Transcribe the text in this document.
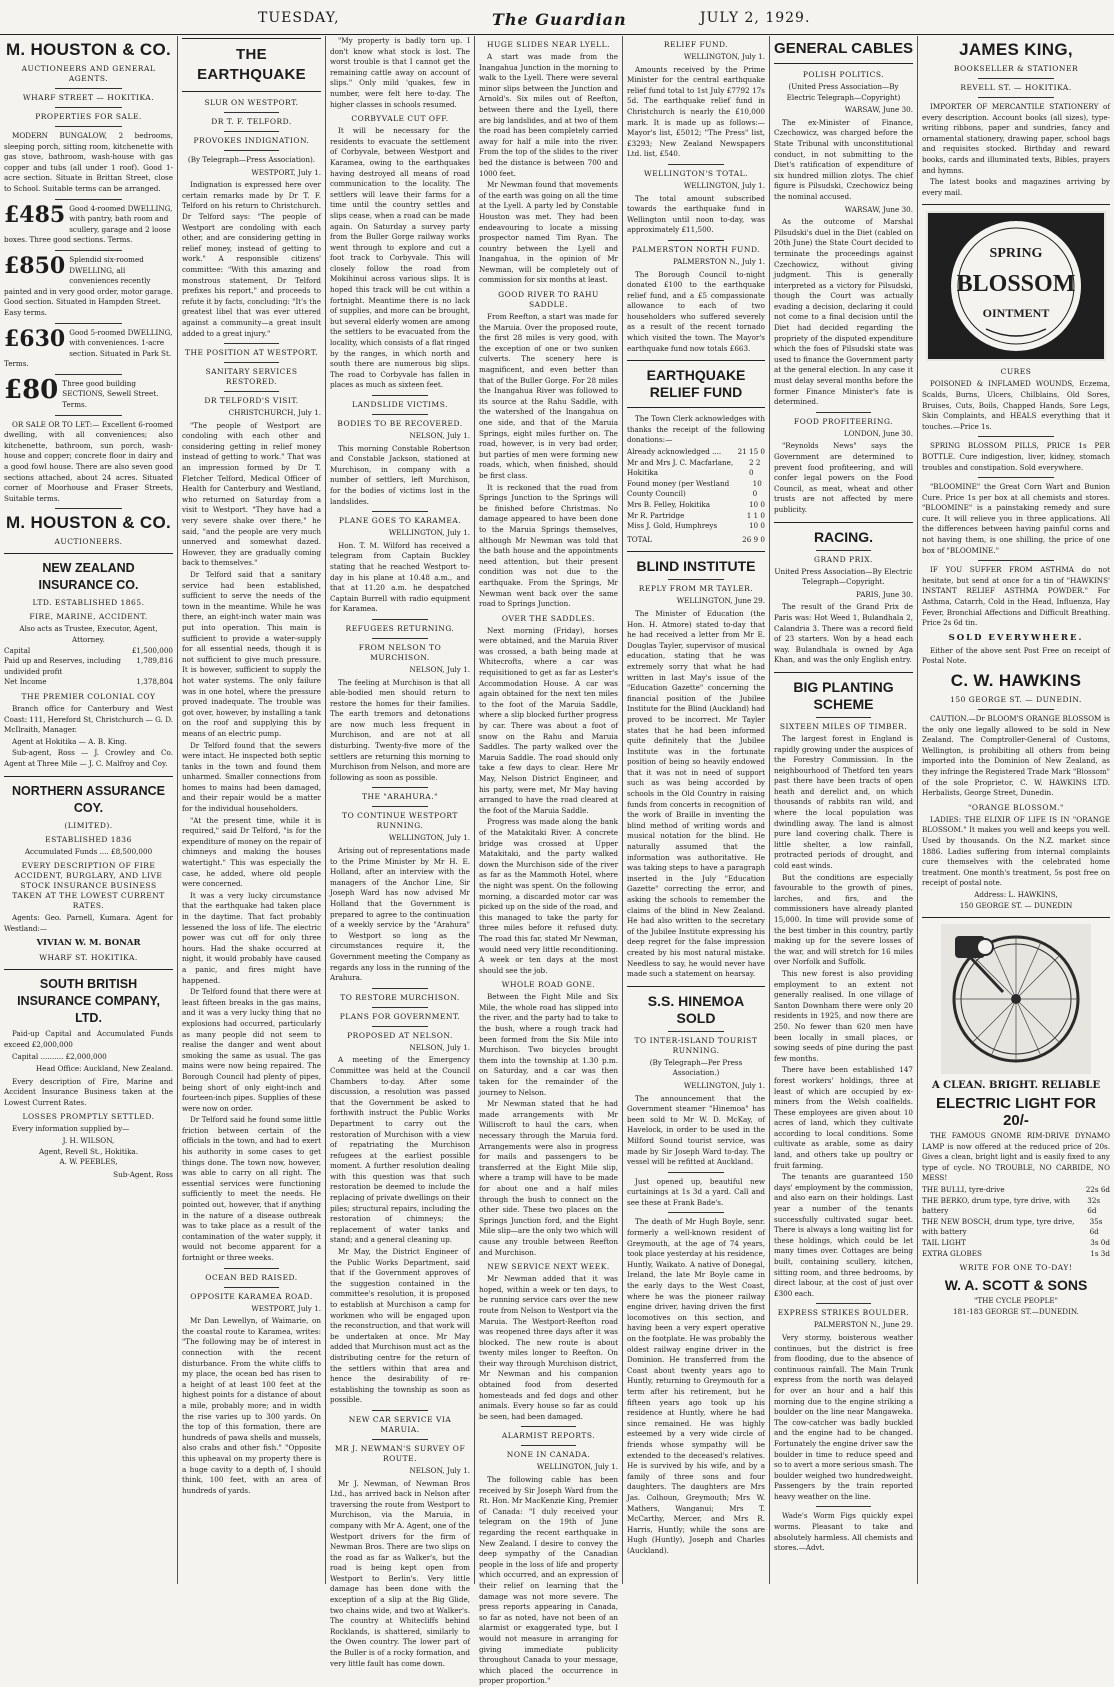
TUESDAY,	The Guardian	JULY 2, 1929.
M. HOUSTON & CO.
AUCTIONEERS AND GENERAL AGENTS.
WHARF STREET — HOKITIKA.
PROPERTIES FOR SALE.

MODERN BUNGALOW, 2 bedrooms, sleeping porch, sitting room, kitchenette with gas stove, bathroom, wash-house with gas copper and tubs (all under 1 roof). Good 1-acre section. Situate in Brittan Street, close to School. Suitable terms can be arranged.

£485 Good 4-roomed DWELLING, with pantry, bath room and scullery, garage and 2 loose boxes. Three good sections. Terms.
£850 Splendid six-roomed DWELLING, all conveniences recently painted and in very good order, motor garage. Good section. Situated in Hampden Street. Easy terms.
£630 Good 5-roomed DWELLING, with conveniences. 1-acre section. Situated in Park St. Terms.
£80 Three good building SECTIONS, Sewell Street. Terms.

OR SALE OR TO LET:— Excellent 6-roomed dwelling, with all conveniences; also kitchenette, bathroom, sun porch, wash-house and copper; concrete floor in dairy and a good fowl house. There are also seven good sections attached, about 24 acres. Situated corner of Moorhouse and Fraser Streets, Suitable terms.

M. HOUSTON & CO.
AUCTIONEERS.
NEW ZEALAND INSURANCE CO.
LTD. ESTABLISHED 1865.
FIRE, MARINE, ACCIDENT.
Also acts as Trustee, Executor, Agent, Attorney.
Capital	£1,500,000
Paid up and Reserves, including undivided profit
1,789,816
Net Income	1,378,804
THE PREMIER COLONIAL COY

Branch office for Canterbury and West Coast: 111, Hereford St, Christchurch — G. D. McIlraith, Manager.

Agent at Hokitika — A. B. King.

Sub-agent, Ross — J. Crowley and Co. Agent at Three Mile — J. C. Malfroy and Coy.

NORTHERN ASSURANCE COY.
(LIMITED).
ESTABLISHED 1836
Accumulated Funds .... £8,500,000
EVERY DESCRIPTION OF FIRE ACCIDENT, BURGLARY, AND LIVE STOCK INSURANCE BUSINESS TAKEN AT THE LOWEST CURRENT RATES.

Agents: Geo. Parnell, Kumara. Agent for Westland:—

VIVIAN W. M. BONAR
WHARF ST. HOKITIKA.
SOUTH BRITISH INSURANCE COMPANY, LTD.

Paid-up Capital and Accumulated Funds exceed £2,000,000

Capital .......... £2,000,000

Head Office: Auckland, New Zealand.

Every description of Fire, Marine and Accident Insurance Business taken at the Lowest Current Rates.

LOSSES PROMPTLY SETTLED.

Every information supplied by—

J. H. WILSON,
Agent, Revell St., Hokitika.
A. W. PEEBLES,
Sub-Agent, Ross
THE EARTHQUAKE
SLUR ON WESTPORT.
DR T. F. TELFORD.
PROVOKES INDIGNATION.
(By Telegraph—Press Association).
WESTPORT, July 1.

Indignation is expressed here over certain remarks made by Dr T. F. Telford on his return to Christchurch. Dr Telford says: "The people of Westport are condoling with each other, and are considering getting in relief money, instead of getting to work." A responsible citizens' committee: "With this amazing and monstrous statement, Dr Telford prefixes his report," and proceeds to refute it by facts, concluding: "It's the greatest libel that was ever uttered against a community—a great insult added to a great injury."

THE POSITION AT WESTPORT.
SANITARY SERVICES RESTORED.
DR TELFORD'S VISIT.
CHRISTCHURCH, July 1.

"The people of Westport are condoling with each other and considering getting in relief money instead of getting to work." That was an impression formed by Dr T. Fletcher Telford, Medical Officer of Health for Canterbury and Westland, who returned on Saturday from a visit to Westport. "They have had a very severe shake over there," he said, "and the people are very much unnerved and somewhat dazed. However, they are gradually coming back to themselves."

Dr Telford said that a sanitary service had been established, sufficient to serve the needs of the town in the meantime. While he was there, an eight-inch water main was put into operation. This main is sufficient to provide a water-supply for all essential needs, though it is not sufficient to give much pressure. It is however, sufficient to supply the hot water systems. The only failure was in one hotel, where the pressure proved inadequate. The trouble was got over, however, by installing a tank on the roof and supplying this by means of an electric pump.

Dr Telford found that the sewers were intact. He inspected both septic tanks in the town and found them unharmed. Smaller connections from homes to mains had been damaged, and their repair would be a matter for the individual householders.

"At the present time, while it is required," said Dr Telford, "is for the expenditure of money on the repair of chimneys and making the houses watertight." This was especially the case, he added, where old people were concerned.

It was a very lucky circumstance that the earthquake had taken place in the daytime. That fact probably lessened the loss of life. The electric power was cut off for only three hours. Had the shake occurred at night, it would probably have caused a panic, and fires might have happened.

Dr Telford found that there were at least fifteen breaks in the gas mains, and it was a very lucky thing that no explosions had occurred, particularly as many people did not seem to realise the danger and went about smoking the same as usual. The gas mains were now being repaired. The Borough Council had plenty of pipes, being short of only eight-inch and fourteen-inch pipes. Supplies of these were now on order.

Dr Telford said he found some little friction between certain of the officials in the town, and had to exert his authority in some cases to get things done. The town now, however, was able to carry on all right. The essential services were functioning sufficiently to meet the needs. He pointed out, however, that if anything in the nature of a disease outbreak was to take place as a result of the contamination of the water supply, it would not become apparent for a fortnight or three weeks.

OCEAN BED RAISED.
OPPOSITE KARAMEA ROAD.
WESTPORT, July 1.

Mr Dan Lewellyn, of Waimarie, on the coastal route to Karamea, writes: "The following may be of interest in connection with the recent disturbance. From the white cliffs to my place, the ocean bed has risen to a height of at least 100 feet at the highest points for a distance of about a mile, probably more; and in width the rise varies up to 300 yards. On the top of this formation, there are hundreds of pawa shells and mussels, also crabs and other fish." "Opposite this upheaval on my property there is a huge cavity to a depth of, I should think, 100 feet, with an area of hundreds of yards.

"My property is badly torn up. I don't know what stock is lost. The worst trouble is that I cannot get the remaining cattle away on account of slips." Only mild 'quakes, few in number, were felt here to-day. The higher classes in schools resumed.

CORBYVALE CUT OFF.

It will be necessary for the residents to evacuate the settlement of Corbyvale, between Westport and Karamea, owing to the earthquakes having destroyed all means of road communication to the locality. The settlers will leave their farms for a time until the country settles and slips cease, when a road can be made again. On Saturday a survey party from the Buller Gorge railway works went through to explore and cut a foot track to Corbyvale. This will closely follow the road from Mokihinui across various slips. It is hoped this track will be cut within a fortnight. Meantime there is no lack of supplies, and more can be brought, but several elderly women are among the settlers to be evacuated from the locality, which consists of a flat ringed by the ranges, in which north and south there are numerous big slips. The road to Corbyvale has fallen in places as much as sixteen feet.

LANDSLIDE VICTIMS.
BODIES TO BE RECOVERED.
NELSON, July 1.

This morning Constable Robertson and Constable Jackson, stationed at Murchison, in company with a number of settlers, left Murchison, for the bodies of victims lost in the landslides.

PLANE GOES TO KARAMEA.
WELLINGTON, July 1.

Hon. T. M. Wilford has received a telegram from Captain Buckley stating that he reached Westport to-day in his plane at 10.48 a.m., and that at 11.20 a.m. he despatched Captain Burrell with radio equipment for Karamea.

REFUGEES RETURNING.
FROM NELSON TO MURCHISON.
NELSON, July 1.

The feeling at Murchison is that all able-bodied men should return to restore the homes for their families. The earth tremors and detonations are now much less frequent in Murchison, and are not at all disturbing. Twenty-five more of the settlers are returning this morning to Murchison from Nelson, and more are following as soon as possible.

THE "ARAHURA."
TO CONTINUE WESTPORT RUNNING.
WELLINGTON, July 1.

Arising out of representations made to the Prime Minister by Mr H. E. Holland, after an interview with the managers of the Anchor Line, Sir Joseph Ward has now advised Mr Holland that the Government is prepared to agree to the continuation of a weekly service by the "Arahura" to Westport so long as the circumstances require it, the Government meeting the Company as regards any loss in the running of the Arahura.

TO RESTORE MURCHISON.
PLANS FOR GOVERNMENT.
PROPOSED AT NELSON.
NELSON, July 1.

A meeting of the Emergency Committee was held at the Council Chambers to-day. After some discussion, a resolution was passed that the Government be asked to forthwith instruct the Public Works Department to carry out the restoration of Murchison with a view of repatriating the Murchison refugees at the earliest possible moment. A further resolution dealing with this question was that such restoration be deemed to include the replacing of private dwellings on their piles; structural repairs, including the restoration of chimneys; the replacement of water tanks and stand; and a general cleaning up.

Mr May, the District Engineer of the Public Works Department, said that if the Government approves of the suggestion contained in the committee's resolution, it is proposed to establish at Murchison a camp for workmen who will be engaged upon the reconstruction, and that work will be undertaken at once. Mr May added that Murchison must act as the distributing centre for the return of the settlers within that area and hence the desirability of re-establishing the township as soon as possible.

NEW CAR SERVICE VIA MARUIA.
MR J. NEWMAN'S SURVEY OF ROUTE.
NELSON, July 1.

Mr J. Newman, of Newman Bros Ltd., has arrived back in Nelson after traversing the route from Westport to Murchison, via the Maruia, in company with Mr A. Agent, one of the Westport drivers for the firm of Newman Bros. There are two slips on the road as far as Walker's, but the road is being kept open from Westport to Berlin's. Very little damage has been done with the exception of a slip at the Big Glide, two chains wide, and two at Walker's. The country at Whitecliffs behind Rocklands, is shattered, similarly to the Owen country. The lower part of the Buller is of a rocky formation, and very little fault has come down.

HUGE SLIDES NEAR LYELL.

A start was made from the Inangahua Junction in the morning to walk to the Lyell. There were several minor slips between the Junction and Arnold's. Six miles out of Reefton, between there and the Lyell, there are big landslides, and at two of them the road has been completely carried away for half a mile into the river. From the top of the slides to the river bed the distance is between 700 and 1000 feet.

Mr Newman found that movements of the earth was going on all the time at the Lyell. A party led by Constable Houston was met. They had been endeavouring to locate a missing prospector named Tim Ryan. The country between the Lyell and Inangahua, in the opinion of Mr Newman, will be completely out of commission for six months at least.

GOOD RIVER TO RAHU SADDLE.

From Reefton, a start was made for the Maruia. Over the proposed route, the first 28 miles is very good, with the exception of one or two sunken culverts. The scenery here is magnificent, and even better than that of the Buller Gorge. For 28 miles the Inangahua River was followed to its source at the Rahu Saddle, with the watershed of the Inangahua on one side, and that of the Maruia Springs, eight miles further on. The road, however, is in very bad order, but parties of men were forming new roads, which, when finished, should be first class.

It is reckoned that the road from Springs Junction to the Springs will be finished before Christmas. No damage appeared to have been done to the Maruia Springs themselves, although Mr Newman was told that the bath house and the appointments need attention, but their present condition was not due to the earthquake. From the Springs, Mr Newman went back over the same road to Springs Junction.

OVER THE SADDLES.

Next morning (Friday), horses were obtained, and the Maruia River was crossed, a bath being made at Whitecrofts, where a car was requisitioned to get as far as Lester's Accommodation House. A car was again obtained for the next ten miles to the foot of the Maruia Saddle, where a slip blocked further progress by car. There was about a foot of snow on the Rahu and Maruia Saddles. The party walked over the Maruia Saddle. The road should only take a few days to clear. Here Mr May, Nelson District Engineer, and his party, were met, Mr May having arranged to have the road cleared at the foot of the Maruia Saddle.

Progress was made along the bank of the Matakitaki River. A concrete bridge was crossed at Upper Matakitaki, and the party walked down the Murchison side of the river as far as the Mammoth Hotel, where the night was spent. On the following morning, a discarded motor car was picked up on the side of the road, and this managed to take the party for three miles before it refused duty. The road this far, stated Mr Newman, would need very little reconditioning. A week or ten days at the most should see the job.

WHOLE ROAD GONE.

Between the Fight Mile and Six Mile, the whole road has slipped into the river, and the party had to take to the bush, where a rough track had been formed from the Six Mile into Murchison. Two bicycles brought them into the township at 1.30 p.m. on Saturday, and a car was then taken for the remainder of the journey to Nelson.

Mr Newman stated that he had made arrangements with Mr Williscroft to haul the cars, when necessary through the Maruia ford. Arrangements were also in progress for mails and passengers to be transferred at the Eight Mile slip, where a tramp will have to be made for about one and a half miles through the bush to connect on the other side. These two places on the Springs Junction ford, and the Eight Mile slip—are the only two which will cause any trouble between Reefton and Murchison.

NEW SERVICE NEXT WEEK.

Mr Newman added that it was hoped, within a week or ten days, to be running service cars over the new route from Nelson to Westport via the Maruia. The Westport-Reefton road was reopened three days after it was blocked. The new route is about twenty miles longer to Reefton. On their way through Murchison district, Mr Newman and his companion obtained food from deserted homesteads and fed dogs and other animals. Every house so far as could be seen, had been damaged.

ALARMIST REPORTS.
NONE IN CANADA.
WELLINGTON, July 1.

The following cable has been received by Sir Joseph Ward from the Rt. Hon. Mr MacKenzie King, Premier of Canada: "I duly received your telegram on the 19th of June regarding the recent earthquake in New Zealand. I desire to convey the deep sympathy of the Canadian people in the loss of life and property which occurred, and an expression of their relief on learning that the damage was not more severe. The press reports appearing in Canada, so far as noted, have not been of an alarmist or exaggerated type, but I would not measure in arranging for giving immediate publicity throughout Canada to your message, which placed the occurrence in proper proportion."

RELIEF FUND.
WELLINGTON, July 1.

Amounts received by the Prime Minister for the central earthquake relief fund total to 1st July £7792 17s 5d. The earthquake relief fund in Christchurch is nearly the £10,000 mark. It is made up as follows:— Mayor's list, £5012; "The Press" list, £3293; New Zealand Newspapers Ltd. list, £540.

WELLINGTON'S TOTAL.
WELLINGTON, July 1.

The total amount subscribed towards the earthquake fund in Wellington until noon to-day, was approximately £11,500.

PALMERSTON NORTH FUND.
PALMERSTON N., July 1.

The Borough Council to-night donated £100 to the earthquake relief fund, and a £5 compassionate allowance to each of two householders who suffered severely as a result of the recent tornado which visited the town. The Mayor's earthquake fund now totals £663.

EARTHQUAKE RELIEF FUND

The Town Clerk acknowledges with thanks the receipt of the following donations:—

Already acknowledged .... 21 15 0
Mr and Mrs J. C. Macfarlane, Hokitika
2 2 0
Found money (per Westland County Council)
10 0
Mrs B. Felley, Hokitika	10 0
Mr R. Partridge	1 1 0
Miss J. Gold, Humphreys	10 0
TOTAL	26 9 0
BLIND INSTITUTE
REPLY FROM MR TAYLER.
WELLINGTON, June 29.

The Minister of Education (the Hon. H. Atmore) stated to-day that he had received a letter from Mr E. Douglas Tayler, supervisor of musical education, stating that he was extremely sorry that what he had written in last May's issue of the "Education Gazette" concerning the financial position of the Jubilee Institute for the Blind (Auckland) had proved to be incorrect. Mr Tayler states that he had been informed quite definitely that the Jubilee Institute was in the fortunate position of being so heavily endowed that it was not in need of support such as was being accorded by schools in the Old Country in raising funds from concerts in recognition of the work of Braille in inventing the blind method of writing words and musical notation for the blind. He naturally assumed that the information was authoritative. He was taking steps to have a paragraph inserted in the July "Education Gazette" correcting the error, and asking the schools to remember the claims of the blind in New Zealand. He had also written to the secretary of the Jubilee Institute expressing his deep regret for the false impression created by his most natural mistake. Needless to say, he would never have made such a statement on hearsay.

S.S. HINEMOA SOLD
TO INTER-ISLAND TOURIST RUNNING.
(By Telegraph—Per Press Association.)
WELLINGTON, July 1.

The announcement that the Government steamer "Hinemoa" has been sold to Mr W. D. McKay, of Havelock, in order to be used in the Milford Sound tourist service, was made by Sir Joseph Ward to-day. The vessel will be refitted at Auckland.

Just opened up, beautiful new curtainings at 1s 3d a yard. Call and see these at Frank Bade's.

The death of Mr Hugh Boyle, senr. formerly a well-known resident of Greymouth, at the age of 74 years, took place yesterday at his residence, Huntly, Waikato. A native of Donegal, Ireland, the late Mr Boyle came in the early days to the West Coast, where he was the pioneer railway engine driver, having driven the first locomotives on this section, and having been a very expert operative on the footplate. He was probably the oldest railway engine driver in the Dominion. He transferred from the Coast about twenty years ago to Huntly, returning to Greymouth for a term after his retirement, but he fifteen years ago took up his residence at Huntly, where he had since remained. He was highly esteemed by a very wide circle of friends whose sympathy will be extended to the deceased's relatives. He is survived by his wife, and by a family of three sons and four daughters. The daughters are Mrs Jas. Colhoun, Greymouth; Mrs W. Mathers, Wanganui; Mrs T. McCarthy, Mercer, and Mrs R. Harris, Huntly; while the sons are Hugh (Huntly), Joseph and Charles (Auckland).

GENERAL CABLES
POLISH POLITICS.
(United Press Association—By Electric Telegraph—Copyright)
WARSAW, June 30.

The ex-Minister of Finance, Czechowicz, was charged before the State Tribunal with unconstitutional conduct, in not submitting to the Diet's ratification of expenditure of six hundred million zlotys. The chief figure is Pilsudski, Czechowicz being the nominal accused.

WARSAW, June 30.

As the outcome of Marshal Pilsudski's duel in the Diet (cabled on 20th June) the State Court decided to terminate the proceedings against Czechowicz, without giving judgment. This is generally interpreted as a victory for Pilsudski, though the Court was actually evading a decision, declaring it could not come to a final decision until the Diet had decided regarding the propriety of the disputed expenditure which the foes of Pilsudski state was used to finance the Government party at the general election. In any case it must delay several months before the former Finance Minister's fate is determined.

FOOD PROFITEERING.
LONDON, June 30.

"Reynolds News" says the Government are determined to prevent food profiteering, and will confer legal powers on the Food Council, as meat, wheat and other trusts are not affected by mere publicity.

RACING.
GRAND PRIX.
United Press Association—By Electric Telegraph—Copyright.
PARIS, June 30.

The result of the Grand Prix de Paris was: Hot Weed 1, Bulandhala 2, Calandria 3. There was a record field of 23 starters. Won by a head each way. Bulandhala is owned by Aga Khan, and was the only English entry.

BIG PLANTING SCHEME
SIXTEEN MILES OF TIMBER.

The largest forest in England is rapidly growing under the auspices of the Forestry Commission. In the neighbourhood of Thetford ten years past there have been tracts of open heath and derelict and, on which thousands of rabbits ran wild, and where the local population was dwindling away. The land is almost pure land covering chalk. There is little shelter, a low rainfall, protracted periods of drought, and cold east winds.

But the conditions are especially favourable to the growth of pines, larches, and firs, and the commissioners have already planted 15,000. In time will provide some of the best timber in this country, partly making up for the severe losses of the war, and will stretch for 16 miles over Norfolk and Suffolk.

This new forest is also providing employment to an extent not generally realised. In one village of Santon Downham there were only 20 residents in 1925, and now there are 250. No fewer than 620 men have been locally in small places, or sowing seeds of pine during the past few months.

There have been established 147 forest workers' holdings, three at least of which are occupied by ex-miners from the Welsh coalfields. These employees are given about 10 acres of land, which they cultivate according to local conditions. Some cultivate as arable, some as dairy land, and others take up poultry or fruit farming.

The tenants are guaranteed 150 days' employment by the commission, and also earn on their holdings. Last year a number of the tenants successfully cultivated sugar beet. There is always a long waiting list for these holdings, which could be let many times over. Cottages are being built, containing scullery, kitchen, sitting room, and three bedrooms, by direct labour, at the cost of just over £300 each.

EXPRESS STRIKES BOULDER.
PALMERSTON N., June 29.

Very stormy, boisterous weather continues, but the district is free from flooding, due to the absence of continuous rainfall. The Main Trunk express from the north was delayed for over an hour and a half this morning due to the engine striking a boulder on the line near Mangaweka. The cow-catcher was badly buckled and the engine had to be changed. Fortunately the engine driver saw the boulder in time to reduce speed and so to avert a more serious smash. The boulder weighed two hundredweight. Passengers by the train reported heavy weather on the line.

Wade's Worm Figs quickly expel worms. Pleasant to take and absolutely harmless. All chemists and stores.—Advt.

JAMES KING,
BOOKSELLER & STATIONER
REVELL ST. — HOKITIKA.

IMPORTER OF MERCANTILE STATIONERY of every description. Account books (all sizes), type-writing ribbons, paper and sundries, fancy and ornamental stationery, drawing paper, school bags and requisites stocked. Birthday and reward books, cards and illuminated texts, Bibles, prayers and hymns.

The latest books and magazines arriving by every mail.

SPRING
BLOSSOM
OINTMENT
CURES

POISONED & INFLAMED WOUNDS, Eczema, Scalds, Burns, Ulcers, Chilblains, Old Sores, Bruises, Cuts, Boils, Chapped Hands, Sore Legs, Skin Complaints, and HEALS everything that it touches.—Price 1s.

SPRING BLOSSOM PILLS, PRICE 1s PER BOTTLE. Cure indigestion, liver, kidney, stomach troubles and constipation. Sold everywhere.

"BLOOMINE" the Great Corn Wart and Bunion Cure. Price 1s per box at all chemists and stores. "BLOOMINE" is a painstaking remedy and sure cure. It will relieve you in three applications. All the differences between having painful corns and not having them, is one shilling, the price of one box of "BLOOMINE."

IF YOU SUFFER FROM ASTHMA do not hesitate, but send at once for a tin of "HAWKINS' INSTANT RELIEF ASTHMA POWDER." For Asthma, Catarrh, Cold in the Head, Influenza, Hay Fever, Bronchial Affections and Difficult Breathing. Price 2s 6d tin.

SOLD EVERYWHERE.

Either of the above sent Post Free on receipt of Postal Note.

C. W. HAWKINS
150 GEORGE ST. — DUNEDIN.

CAUTION.—Dr BLOOM'S ORANGE BLOSSOM is the only one legally allowed to be sold in New Zealand. The Comptroller-General of Customs, Wellington, is prohibiting all others from being imported into the Dominion of New Zealand, as they infringe the Registered Trade Mark "Blossom" of the sole Proprietor, C. W. HAWKINS LTD. Herbalists, George Street, Dunedin.

"ORANGE BLOSSOM."

LADIES: THE ELIXIR OF LIFE IS IN "ORANGE BLOSSOM." It makes you well and keeps you well. Used by thousands. On the N.Z. market since 1886. Ladies suffering from internal complaints cure themselves with the celebrated home treatment. One month's treatment, 5s post free on receipt of postal note.

Address: L. HAWKINS,
150 GEORGE ST. — DUNEDIN
A CLEAN. BRIGHT. RELIABLE
ELECTRIC LIGHT FOR 20/-

THE FAMOUS GNOME RIM-DRIVE DYNAMO LAMP is now offered at the reduced price of 20s. Gives a clean, bright light and is easily fixed to any type of cycle. NO TROUBLE, NO CARBIDE, NO MESS!

THE BULLI, tyre-drive	22s 6d
THE BERKO, drum type, tyre drive, with battery
32s 6d
THE NEW BOSCH, drum type, tyre drive, with battery
35s 6d
TAIL LIGHT	3s 0d
EXTRA GLOBES	1s 3d
WRITE FOR ONE TO-DAY!
W. A. SCOTT & SONS
"THE CYCLE PEOPLE"
181-183 GEORGE ST.—DUNEDIN.
